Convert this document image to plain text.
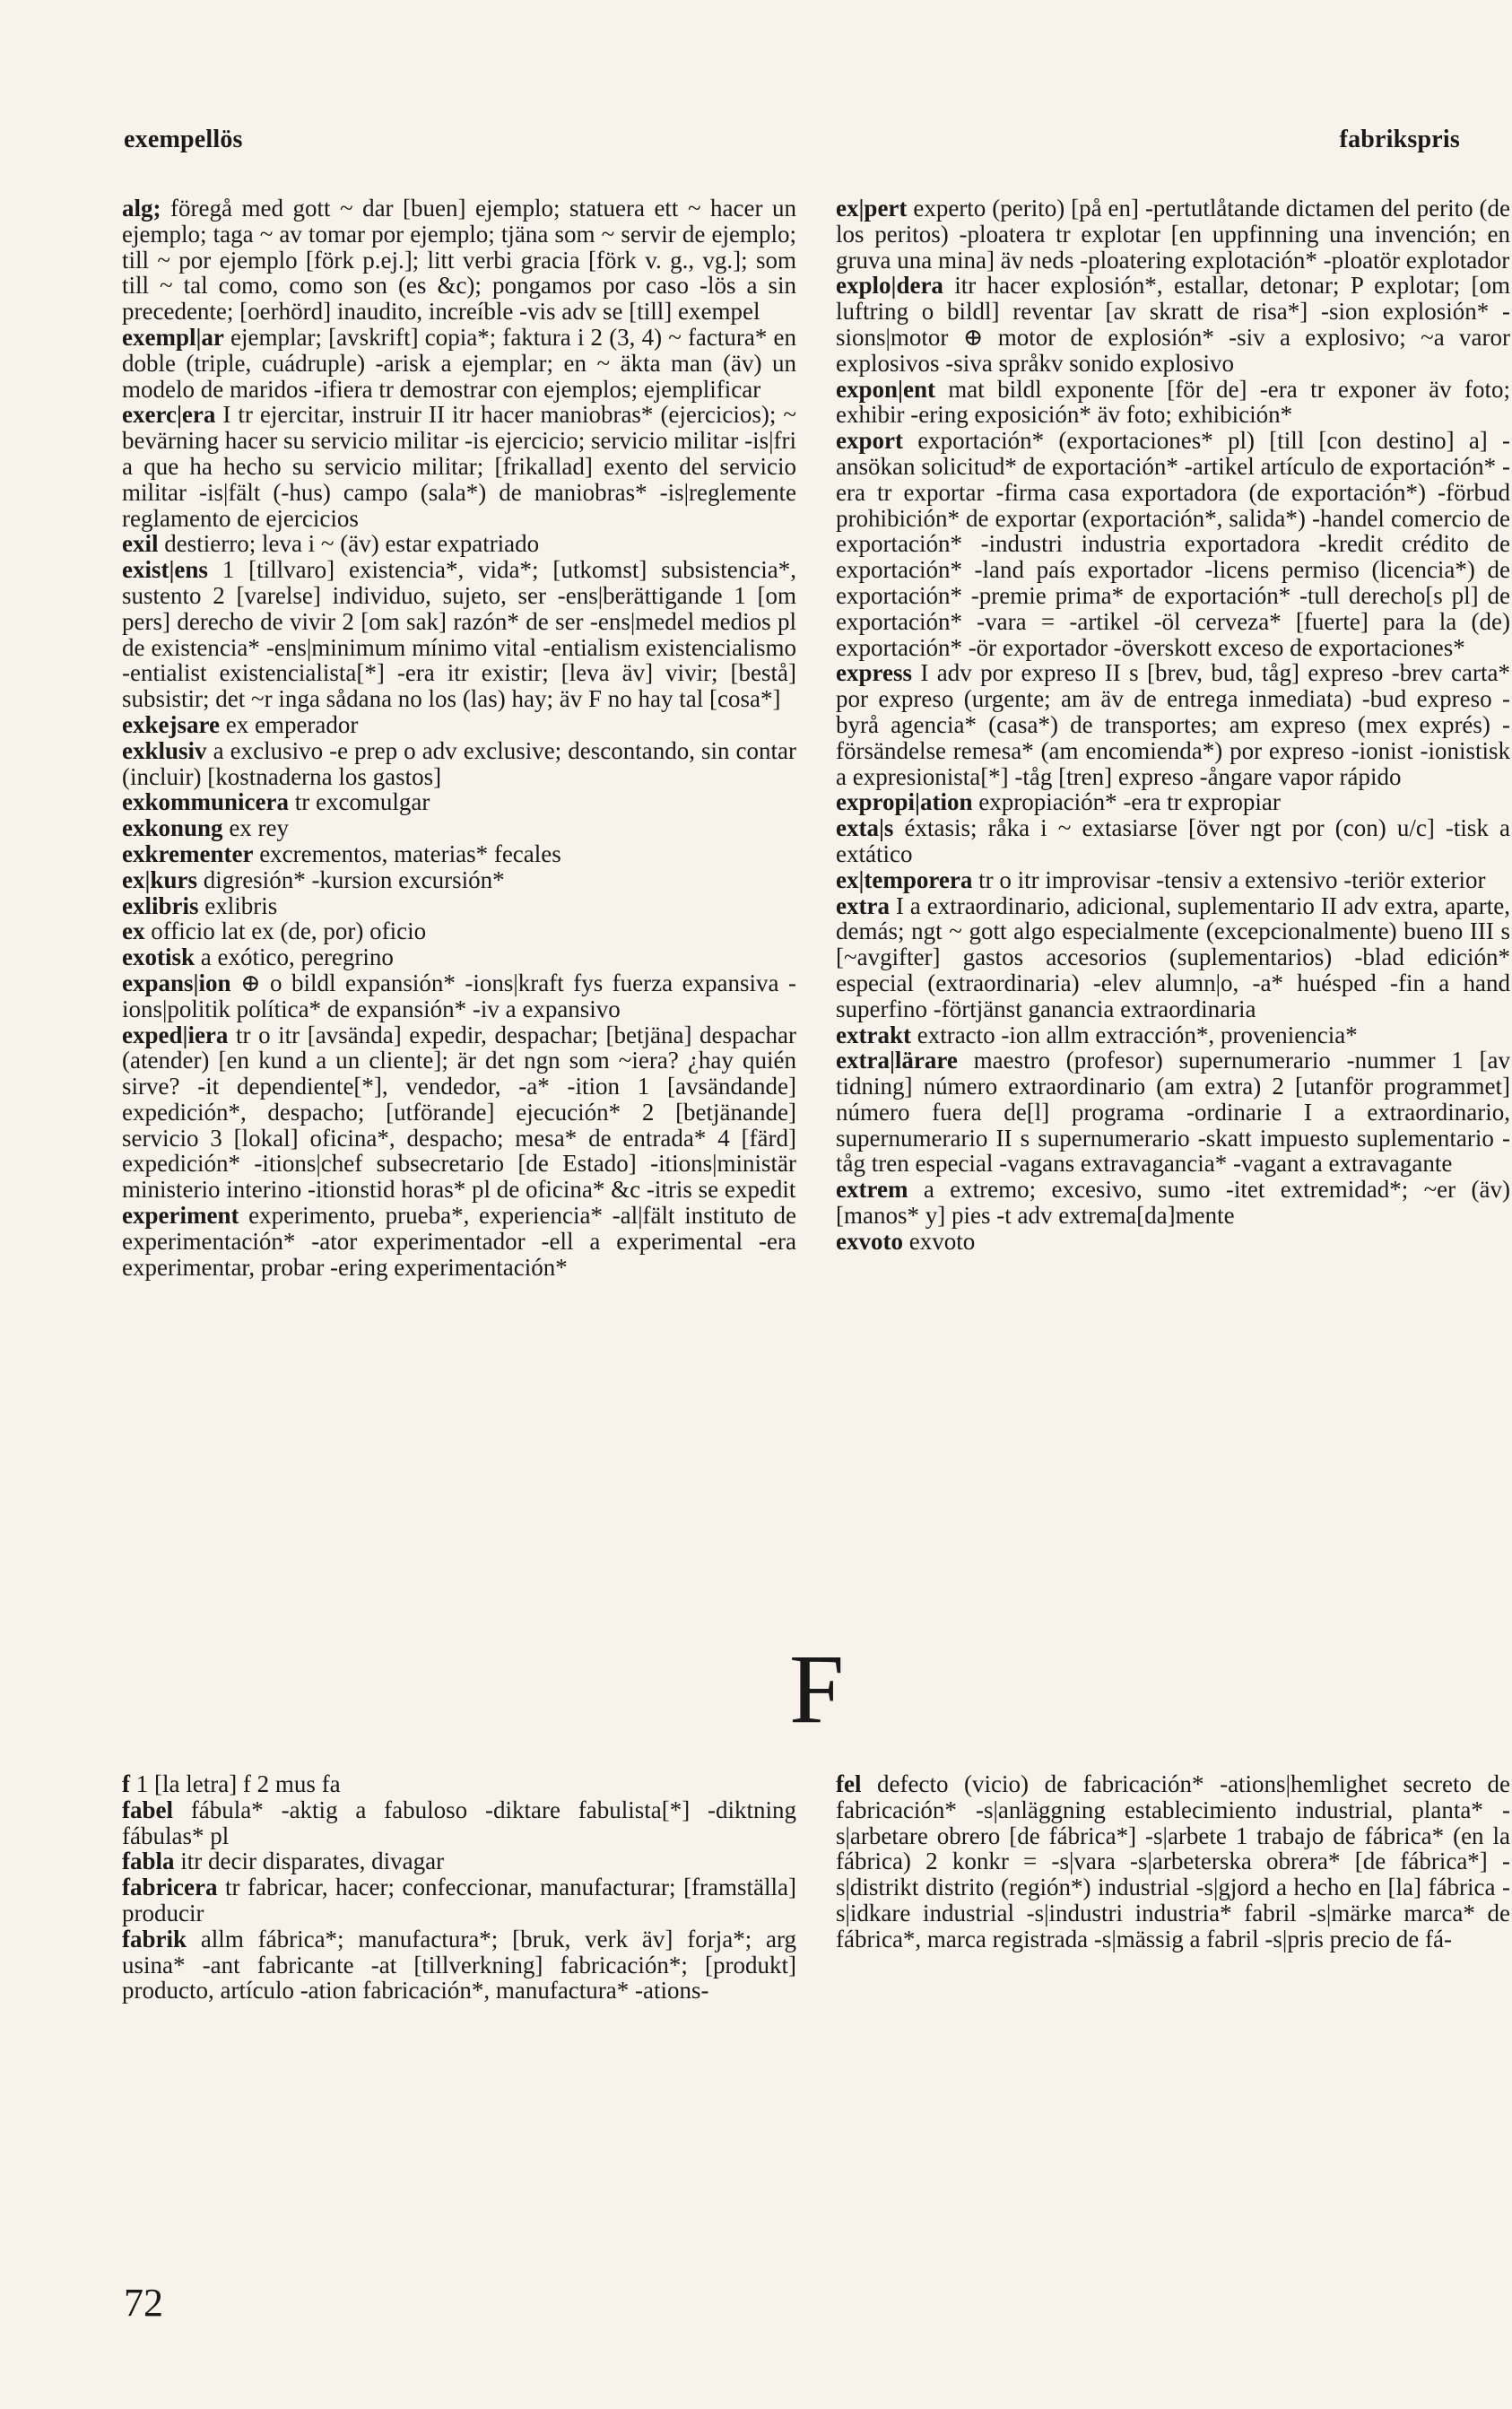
exempellös	fabrikspris

alg; föregå med gott ~ dar [buen] ejemplo; statuera ett ~ hacer un ejemplo; taga ~ av tomar por ejemplo; tjäna som ~ servir de ejemplo; till ~ por ejemplo [förk p.ej.]; litt verbi gracia [förk v. g., vg.]; som till ~ tal como, como son (es &c); pongamos por caso -lös a sin precedente; [oerhörd] inaudito, increíble -vis adv se [till] exempel

exempl|ar ejemplar; [avskrift] copia*; faktura i 2 (3, 4) ~ factura* en doble (triple, cuádruple) -arisk a ejemplar; en ~ äkta man (äv) un modelo de maridos -ifiera tr demostrar con ejemplos; ejemplificar

exerc|era I tr ejercitar, instruir II itr hacer maniobras* (ejercicios); ~ bevärning hacer su servicio militar -is ejercicio; servicio militar -is|fri a que ha hecho su servicio militar; [frikallad] exento del servicio militar -is|fält (-hus) campo (sala*) de maniobras* -is|reglemente reglamento de ejercicios

exil destierro; leva i ~ (äv) estar expatriado

exist|ens 1 [tillvaro] existencia*, vida*; [utkomst] subsistencia*, sustento 2 [varelse] individuo, sujeto, ser -ens|berättigande 1 [om pers] derecho de vivir 2 [om sak] razón* de ser -ens|medel medios pl de existencia* -ens|minimum mínimo vital -entialism existencialismo -entialist existencialista[*] -era itr existir; [leva äv] vivir; [bestå] subsistir; det ~r inga sådana no los (las) hay; äv F no hay tal [cosa*]

exkejsare ex emperador

exklusiv a exclusivo -e prep o adv exclusive; descontando, sin contar (incluir) [kostnaderna los gastos]

exkommunicera tr excomulgar

exkonung ex rey

exkrementer excrementos, materias* fecales

ex|kurs digresión* -kursion excursión*

exlibris exlibris

ex officio lat ex (de, por) oficio

exotisk a exótico, peregrino

expans|ion ⊕ o bildl expansión* -ions|kraft fys fuerza expansiva -ions|politik política* de expansión* -iv a expansivo

exped|iera tr o itr [avsända] expedir, despachar; [betjäna] despachar (atender) [en kund a un cliente]; är det ngn som ~iera? ¿hay quién sirve? -it dependiente[*], vendedor, -a* -ition 1 [avsändande] expedición*, despacho; [utförande] ejecución* 2 [betjänande] servicio 3 [lokal] oficina*, despacho; mesa* de entrada* 4 [färd] expedición* -itions|chef subsecretario [de Estado] -itions|ministär ministerio interino -itionstid horas* pl de oficina* &c -itris se expedit

experiment experimento, prueba*, experiencia* -al|fält instituto de experimentación* -ator experimentador -ell a experimental -era experimentar, probar -ering experimentación*

ex|pert experto (perito) [på en] -pertutlåtande dictamen del perito (de los peritos) -ploatera tr explotar [en uppfinning una invención; en gruva una mina] äv neds -ploatering explotación* -ploatör explotador

explo|dera itr hacer explosión*, estallar, detonar; P explotar; [om luftring o bildl] reventar [av skratt de risa*] -sion explosión* -sions|motor ⊕ motor de explosión* -siv a explosivo; ~a varor explosivos -siva språkv sonido explosivo

expon|ent mat bildl exponente [för de] -era tr exponer äv foto; exhibir -ering exposición* äv foto; exhibición*

export exportación* (exportaciones* pl) [till [con destino] a] -ansökan solicitud* de exportación* -artikel artículo de exportación* -era tr exportar -firma casa exportadora (de exportación*) -förbud prohibición* de exportar (exportación*, salida*) -handel comercio de exportación* -industri industria exportadora -kredit crédito de exportación* -land país exportador -licens permiso (licencia*) de exportación* -premie prima* de exportación* -tull derecho[s pl] de exportación* -vara = -artikel -öl cerveza* [fuerte] para la (de) exportación* -ör exportador -överskott exceso de exportaciones*

express I adv por expreso II s [brev, bud, tåg] expreso -brev carta* por expreso (urgente; am äv de entrega inmediata) -bud expreso -byrå agencia* (casa*) de transportes; am expreso (mex exprés) -försändelse remesa* (am encomienda*) por expreso -ionist -ionistisk a expresionista[*] -tåg [tren] expreso -ångare vapor rápido

expropi|ation expropiación* -era tr expropiar

exta|s éxtasis; råka i ~ extasiarse [över ngt por (con) u/c] -tisk a extático

ex|temporera tr o itr improvisar -tensiv a extensivo -teriör exterior

extra I a extraordinario, adicional, suplementario II adv extra, aparte, demás; ngt ~ gott algo especialmente (excepcionalmente) bueno III s [~avgifter] gastos accesorios (suplementarios) -blad edición* especial (extraordinaria) -elev alumn|o, -a* huésped -fin a hand superfino -förtjänst ganancia extraordinaria

extrakt extracto -ion allm extracción*, proveniencia*

extra|lärare maestro (profesor) supernumerario -nummer 1 [av tidning] número extraordinario (am extra) 2 [utanför programmet] número fuera de[l] programa -ordinarie I a extraordinario, supernumerario II s supernumerario -skatt impuesto suplementario -tåg tren especial -vagans extravagancia* -vagant a extravagante

extrem a extremo; excesivo, sumo -itet extremidad*; ~er (äv) [manos* y] pies -t adv extrema[da]mente

exvoto exvoto

F

f 1 [la letra] f 2 mus fa

fabel fábula* -aktig a fabuloso -diktare fabulista[*] -diktning fábulas* pl

fabla itr decir disparates, divagar

fabricera tr fabricar, hacer; confeccionar, manufacturar; [framställa] producir

fabrik allm fábrica*; manufactura*; [bruk, verk äv] forja*; arg usina* -ant fabricante -at [tillverkning] fabricación*; [produkt] producto, artículo -ation fabricación*, manufactura* -ations-

fel defecto (vicio) de fabricación* -ations|hemlighet secreto de fabricación* -s|anläggning establecimiento industrial, planta* -s|arbetare obrero [de fábrica*] -s|arbete 1 trabajo de fábrica* (en la fábrica) 2 konkr = -s|vara -s|arbeterska obrera* [de fábrica*] -s|distrikt distrito (región*) industrial -s|gjord a hecho en [la] fábrica -s|idkare industrial -s|industri industria* fabril -s|märke marca* de fábrica*, marca registrada -s|mässig a fabril -s|pris precio de fá-

72
